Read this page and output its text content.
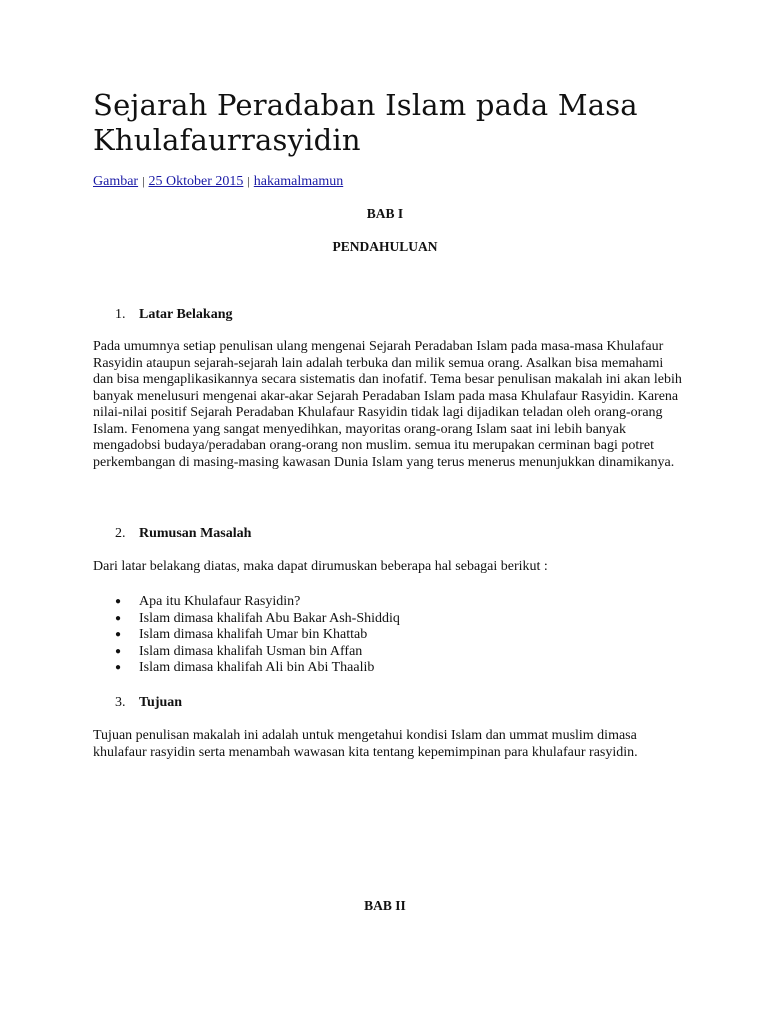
Sejarah Peradaban Islam pada Masa Khulafaurrasyidin
Gambar | 25 Oktober 2015 | hakamalmamun
BAB I
PENDAHULUAN
1. Latar Belakang

Pada umumnya setiap penulisan ulang mengenai Sejarah Peradaban Islam pada masa-masa Khulafaur Rasyidin ataupun sejarah-sejarah lain adalah terbuka dan milik semua orang. Asalkan bisa memahami dan bisa mengaplikasikannya secara sistematis dan inofatif. Tema besar penulisan makalah ini akan lebih banyak menelusuri mengenai akar-akar Sejarah Peradaban Islam pada masa Khulafaur Rasyidin. Karena nilai-nilai positif Sejarah Peradaban Khulafaur Rasyidin tidak lagi dijadikan teladan oleh orang-orang Islam. Fenomena yang sangat menyedihkan, mayoritas orang-orang Islam saat ini lebih banyak mengadobsi budaya/peradaban orang-orang non muslim. semua itu merupakan cerminan bagi potret perkembangan di masing-masing kawasan Dunia Islam yang terus menerus menunjukkan dinamikanya.

2. Rumusan Masalah

Dari latar belakang diatas, maka dapat dirumuskan beberapa hal sebagai berikut :

● Apa itu Khulafaur Rasyidin?
● Islam dimasa khalifah Abu Bakar Ash-Shiddiq
● Islam dimasa khalifah Umar bin Khattab
● Islam dimasa khalifah Usman bin Affan
● Islam dimasa khalifah Ali bin Abi Thaalib
3. Tujuan

Tujuan penulisan makalah ini adalah untuk mengetahui kondisi Islam dan ummat muslim dimasa khulafaur rasyidin serta menambah wawasan kita tentang kepemimpinan para khulafaur rasyidin.

BAB II
